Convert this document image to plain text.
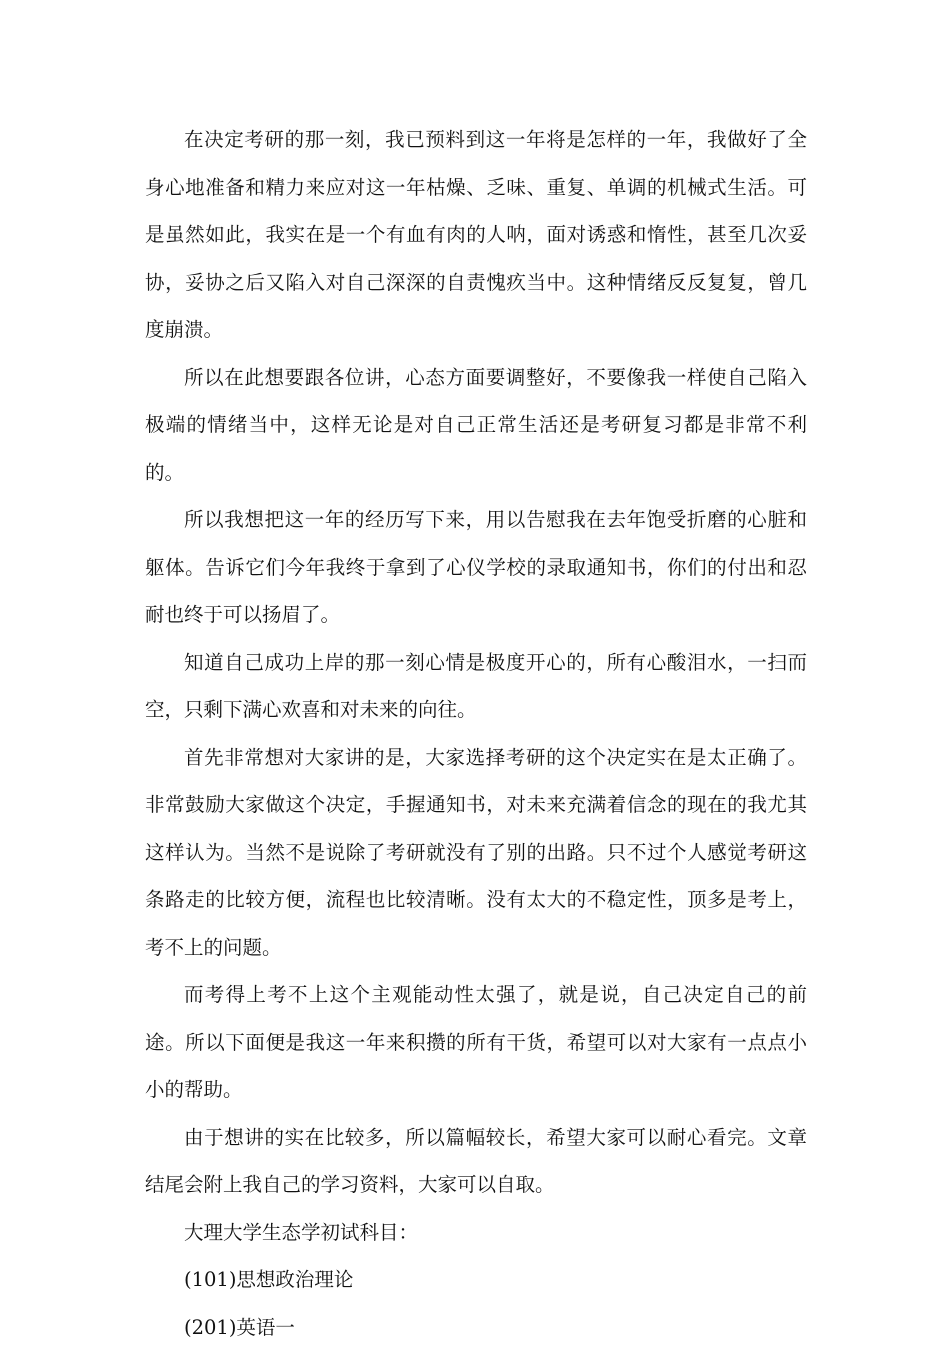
在决定考研的那一刻，我已预料到这一年将是怎样的一年，我做好了全身心地准备和精力来应对这一年枯燥、乏味、重复、单调的机械式生活。可是虽然如此，我实在是一个有血有肉的人呐，面对诱惑和惰性，甚至几次妥协，妥协之后又陷入对自己深深的自责愧疚当中。这种情绪反反复复，曾几度崩溃。

所以在此想要跟各位讲，心态方面要调整好，不要像我一样使自己陷入极端的情绪当中，这样无论是对自己正常生活还是考研复习都是非常不利的。

所以我想把这一年的经历写下来，用以告慰我在去年饱受折磨的心脏和躯体。告诉它们今年我终于拿到了心仪学校的录取通知书，你们的付出和忍耐也终于可以扬眉了。

知道自己成功上岸的那一刻心情是极度开心的，所有心酸泪水，一扫而空，只剩下满心欢喜和对未来的向往。

首先非常想对大家讲的是，大家选择考研的这个决定实在是太正确了。非常鼓励大家做这个决定，手握通知书，对未来充满着信念的现在的我尤其这样认为。当然不是说除了考研就没有了别的出路。只不过个人感觉考研这条路走的比较方便，流程也比较清晰。没有太大的不稳定性，顶多是考上，考不上的问题。

而考得上考不上这个主观能动性太强了，就是说，自己决定自己的前途。所以下面便是我这一年来积攒的所有干货，希望可以对大家有一点点小小的帮助。

由于想讲的实在比较多，所以篇幅较长，希望大家可以耐心看完。文章结尾会附上我自己的学习资料，大家可以自取。

大理大学生态学初试科目：

(101)思想政治理论

(201)英语一
